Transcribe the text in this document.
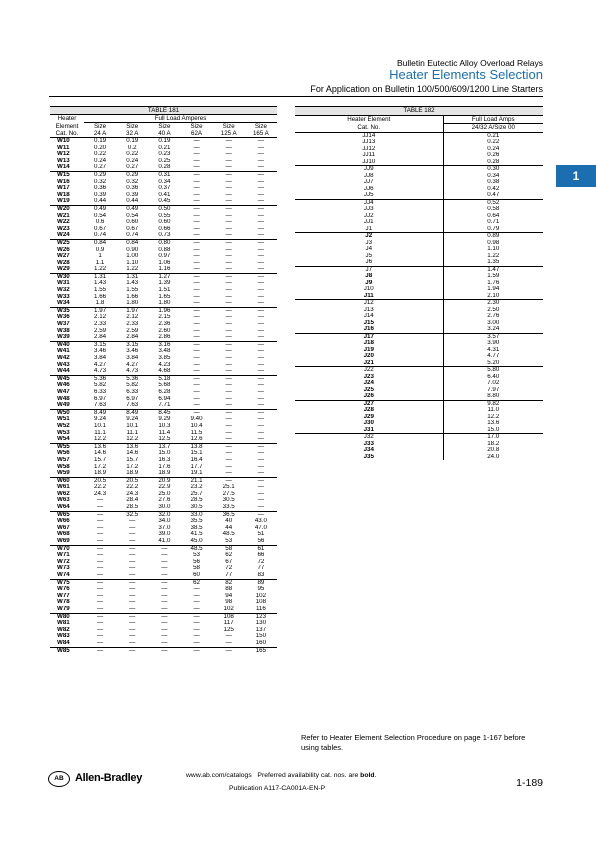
Bulletin Eutectic Alloy Overload Relays
Heater Elements Selection
For Application on Bulletin 100/500/609/1200 Line Starters
1
TABLE 181						
Heater	Full Load Amperes					
Element	Size	Size	Size	Size	Size	Size
Cat. No.	24 A	32 A	40 A	62A	125 A	165 A
W10	0.19	0.19	0.19	—	—	—
W11	0.20	0.2	0.21	—	—	—
W12	0.22	0.22	0.23	—	—	—
W13	0.24	0.24	0.25	—	—	—
W14	0.27	0.27	0.28	—	—	—
W15	0.29	0.29	0.31	—	—	—
W16	0.32	0.32	0.34	—	—	—
W17	0.36	0.36	0.37	—	—	—
W18	0.39	0.39	0.41	—	—	—
W19	0.44	0.44	0.45	—	—	—
W20	0.49	0.49	0.50	—	—	—
W21	0.54	0.54	0.55	—	—	—
W22	0.6	0.60	0.60	—	—	—
W23	0.67	0.67	0.66	—	—	—
W24	0.74	0.74	0.73	—	—	—
W25	0.84	0.84	0.80	—	—	—
W26	0.9	0.90	0.88	—	—	—
W27	1	1.00	0.97	—	—	—
W28	1.1	1.10	1.06	—	—	—
W29	1.22	1.22	1.16	—	—	—
W30	1.31	1.31	1.27	—	—	—
W31	1.43	1.43	1.39	—	—	—
W32	1.55	1.55	1.51	—	—	—
W33	1.66	1.66	1.65	—	—	—
W34	1.8	1.80	1.80	—	—	—
W35	1.97	1.97	1.96	—	—	—
W36	2.12	2.12	2.15	—	—	—
W37	2.33	2.33	2.36	—	—	—
W38	2.59	2.59	2.60	—	—	—
W39	2.84	2.84	2.86	—	—	—
W40	3.15	3.15	3.16	—	—	—
W41	3.46	3.46	3.48	—	—	—
W42	3.84	3.84	3.85	—	—	—
W43	4.27	4.27	4.23	—	—	—
W44	4.73	4.73	4.68	—	—	—
W45	5.36	5.36	5.18	—	—	—
W46	5.82	5.82	5.68	—	—	—
W47	6.33	6.33	6.28	—	—	—
W48	6.97	6.97	6.94	—	—	—
W49	7.63	7.63	7.71	—	—	—
W50	8.49	8.49	8.45	—	—	—
W51	9.24	9.24	9.29	9.40	—	—
W52	10.1	10.1	10.3	10.4	—	—
W53	11.1	11.1	11.4	11.5	—	—
W54	12.2	12.2	12.5	12.6	—	—
W55	13.6	13.6	13.7	13.8	—	—
W56	14.6	14.6	15.0	15.1	—	—
W57	15.7	15.7	16.3	16.4	—	—
W58	17.2	17.2	17.6	17.7	—	—
W59	18.9	18.9	18.9	19.1	—	—
W60	20.5	20.5	20.9	21.1	—	—
W61	22.2	22.2	22.9	23.2	25.1	—
W62	24.3	24.3	25.0	25.7	27.5	—
W63	—	28.4	27.6	28.5	30.5	—
W64	—	28.5	30.0	30.5	33.5	—
W65	—	32.5	32.0	33.0	36.5	—
W66	—	—	34.0	35.5	40	43.0
W67	—	—	37.0	38.5	44	47.0
W68	—	—	39.0	41.5	48.5	51
W69	—	—	41.0	45.0	53	56
W70	—	—	—	48.5	58	61
W71	—	—	—	53	62	66
W72	—	—	—	56	67	72
W73	—	—	—	58	72	77
W74	—	—	—	60	77	83
W75	—	—	—	62	82	89
W76	—	—	—	—	88	95
W77	—	—	—	—	94	102
W78	—	—	—	—	98	108
W79	—	—	—	—	102	116
W80	—	—	—	—	108	123
W81	—	—	—	—	117	130
W82	—	—	—	—	125	137
W83	—	—	—	—	—	150
W84	—	—	—	—	—	160
W85	—	—	—	—	—	165
TABLE 182	
Heater Element	Full Load Amps
Cat. No.	24/32 A/Size 00
JJ14	0.21
JJ13	0.22
JJ12	0.24
JJ11	0.26
JJ10	0.28
JJ9	0.30
JJ8	0.34
JJ7	0.38
JJ6	0.42
JJ5	0.47
JJ4	0.52
JJ3	0.58
JJ2	0.64
JJ1	0.71
J1	0.79
J2	0.89
J3	0.98
J4	1.10
J5	1.22
J6	1.35
J7	1.47
J8	1.59
J9	1.76
J10	1.94
J11	2.10
J12	2.30
J13	2.50
J14	2.76
J15	3.00
J16	3.24
J17	3.57
J18	3.90
J19	4.31
J20	4.77
J21	5.20
J22	5.80
J23	6.40
J24	7.02
J25	7.97
J26	8.80
J27	9.82
J28	11.0
J29	12.2
J30	13.6
J31	15.0
J32	17.0
J33	18.2
J34	20.8
J35	24.0
Refer to Heater Element Selection Procedure on page 1-167 before using tables.
AB	Allen-Bradley	www.ab.com/catalogs Preferred availability cat. nos. are bold.
Publication A117-CA001A-EN-P	1-189
